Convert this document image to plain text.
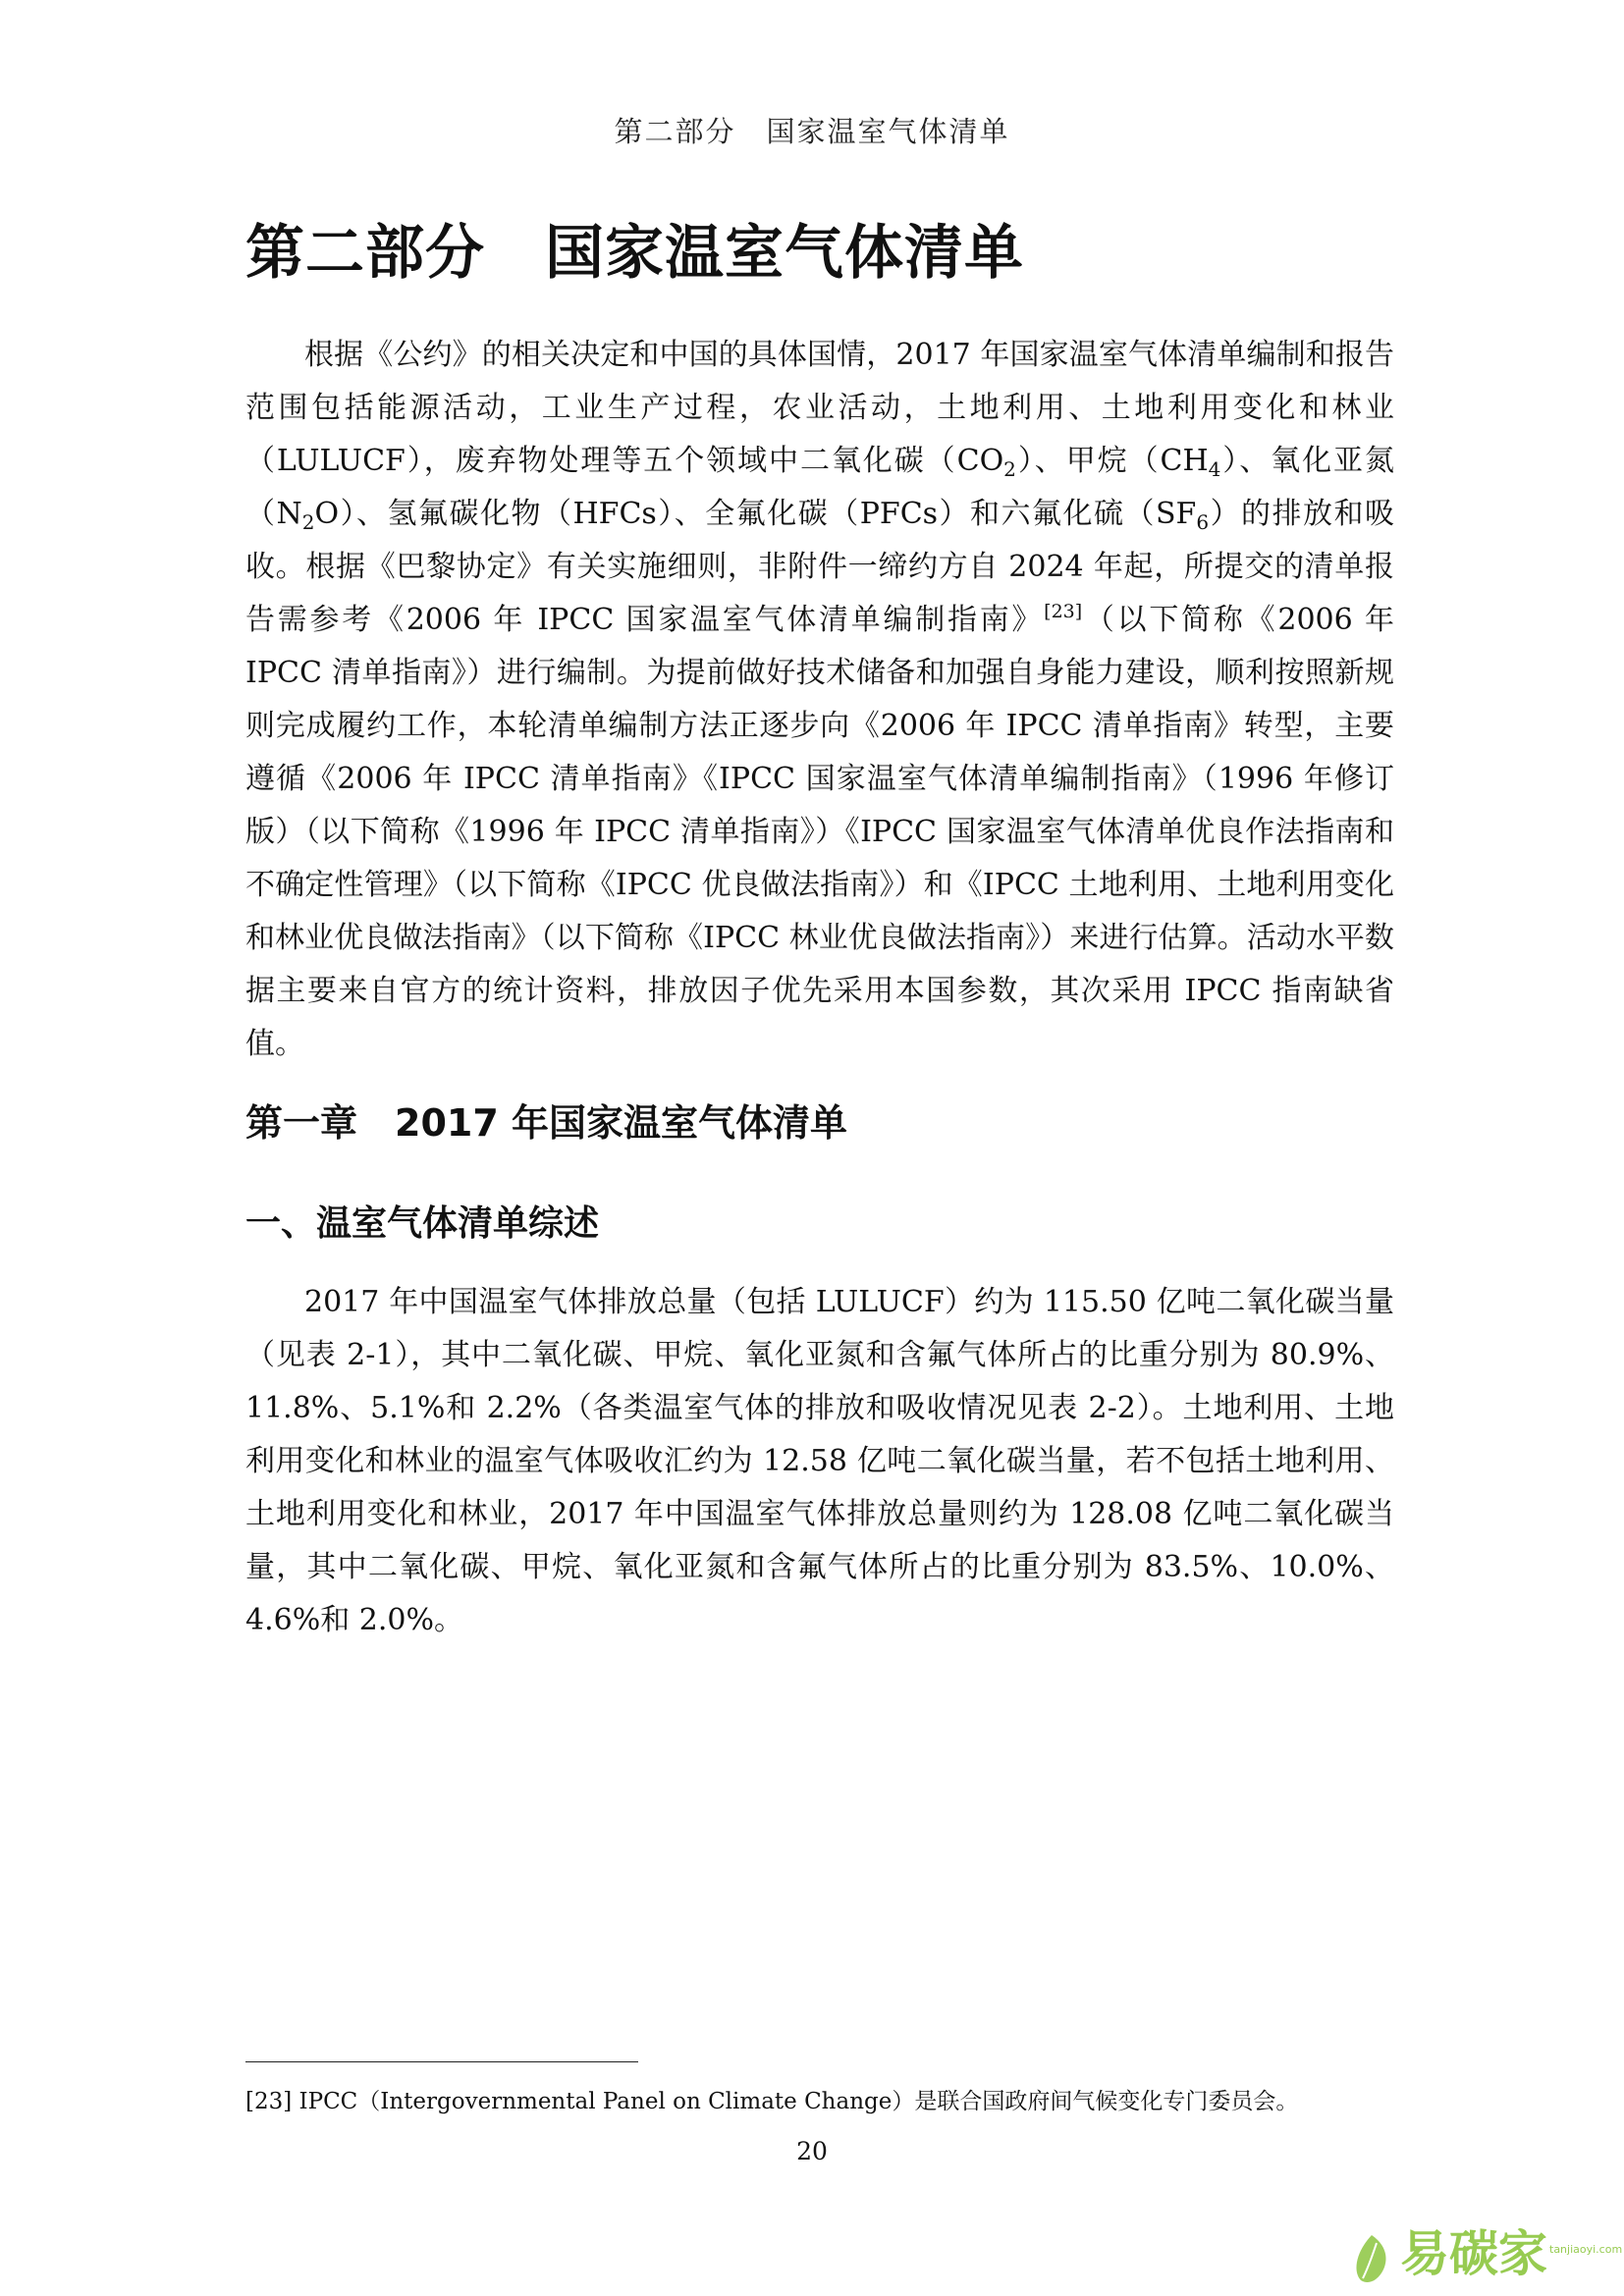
第二部分　国家温室气体清单
第二部分　国家温室气体清单

根据《公约》的相关决定和中国的具体国情，2017 年国家温室气体清单编制和报告范围包括能源活动，工业生产过程，农业活动，土地利用、土地利用变化和林业（LULUCF），废弃物处理等五个领域中二氧化碳$(CO_2)$、甲烷$(CH_4)$、氧化亚氮$(N_2O)$、氢氟碳化物（HFCs）、全氟化碳（PFCs）和六氟化硫$(SF_6)$的排放和吸收。根据《巴黎协定》有关实施细则，非附件一缔约方自 2024 年起，所提交的清单报告需参考《2006 年 IPCC 国家温室气体清单编制指南》[23]（以下简称《2006 年 IPCC 清单指南》）进行编制。为提前做好技术储备和加强自身能力建设，顺利按照新规则完成履约工作，本轮清单编制方法正逐步向《2006 年 IPCC 清单指南》转型，主要遵循《2006 年 IPCC 清单指南》《IPCC 国家温室气体清单编制指南》（1996 年修订版）（以下简称《1996 年 IPCC 清单指南》）《IPCC 国家温室气体清单优良作法指南和不确定性管理》（以下简称《IPCC 优良做法指南》）和《IPCC 土地利用、土地利用变化和林业优良做法指南》（以下简称《IPCC 林业优良做法指南》）来进行估算。活动水平数据主要来自官方的统计资料，排放因子优先采用本国参数，其次采用 IPCC 指南缺省值。

第一章　2017 年国家温室气体清单
一、温室气体清单综述

2017 年中国温室气体排放总量（包括 LULUCF）约为 115.50 亿吨二氧化碳当量（见表 2-1），其中二氧化碳、甲烷、氧化亚氮和含氟气体所占的比重分别为 80.9%、11.8%、5.1%和 2.2%（各类温室气体的排放和吸收情况见表 2-2）。土地利用、土地利用变化和林业的温室气体吸收汇约为 12.58 亿吨二氧化碳当量，若不包括土地利用、土地利用变化和林业，2017 年中国温室气体排放总量则约为 128.08 亿吨二氧化碳当量，其中二氧化碳、甲烷、氧化亚氮和含氟气体所占的比重分别为 83.5%、10.0%、4.6%和 2.0%。

[23] IPCC（Intergovernmental Panel on Climate Change）是联合国政府间气候变化专门委员会。
20
易碳家 tanjiaoyi.com
